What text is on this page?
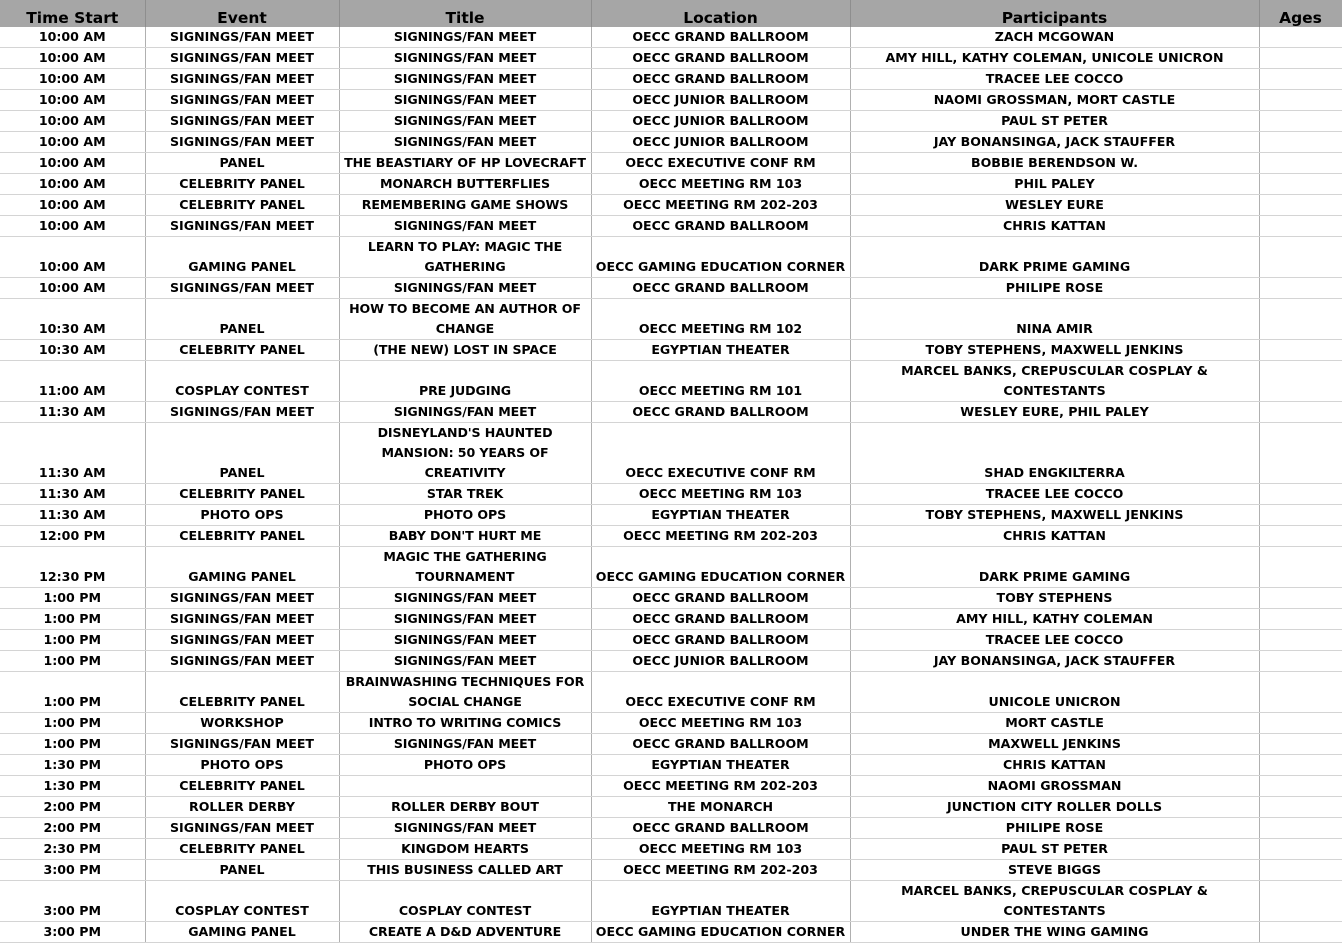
Time Start	Event	Title	Location	Participants	Ages
10:00 AM	SIGNINGS/FAN MEET	SIGNINGS/FAN MEET	OECC GRAND BALLROOM	ZACH MCGOWAN	
10:00 AM	SIGNINGS/FAN MEET	SIGNINGS/FAN MEET	OECC GRAND BALLROOM	AMY HILL, KATHY COLEMAN, UNICOLE UNICRON	
10:00 AM	SIGNINGS/FAN MEET	SIGNINGS/FAN MEET	OECC GRAND BALLROOM	TRACEE LEE COCCO	
10:00 AM	SIGNINGS/FAN MEET	SIGNINGS/FAN MEET	OECC JUNIOR BALLROOM	NAOMI GROSSMAN, MORT CASTLE	
10:00 AM	SIGNINGS/FAN MEET	SIGNINGS/FAN MEET	OECC JUNIOR BALLROOM	PAUL ST PETER	
10:00 AM	SIGNINGS/FAN MEET	SIGNINGS/FAN MEET	OECC JUNIOR BALLROOM	JAY BONANSINGA, JACK STAUFFER	
10:00 AM	PANEL	THE BEASTIARY OF HP LOVECRAFT	OECC EXECUTIVE CONF RM	BOBBIE BERENDSON W.	
10:00 AM	CELEBRITY PANEL	MONARCH BUTTERFLIES	OECC MEETING RM 103	PHIL PALEY	
10:00 AM	CELEBRITY PANEL	REMEMBERING GAME SHOWS	OECC MEETING RM 202-203	WESLEY EURE	
10:00 AM	SIGNINGS/FAN MEET	SIGNINGS/FAN MEET	OECC GRAND BALLROOM	CHRIS KATTAN	
10:00 AM	GAMING PANEL	LEARN TO PLAY: MAGIC THE GATHERING	OECC GAMING EDUCATION CORNER	DARK PRIME GAMING	
10:00 AM	SIGNINGS/FAN MEET	SIGNINGS/FAN MEET	OECC GRAND BALLROOM	PHILIPE ROSE	
10:30 AM	PANEL	HOW TO BECOME AN AUTHOR OF CHANGE	OECC MEETING RM 102	NINA AMIR	
10:30 AM	CELEBRITY PANEL	(THE NEW) LOST IN SPACE	EGYPTIAN THEATER	TOBY STEPHENS, MAXWELL JENKINS	
11:00 AM	COSPLAY CONTEST	PRE JUDGING	OECC MEETING RM 101	MARCEL BANKS, CREPUSCULAR COSPLAY & CONTESTANTS	
11:30 AM	SIGNINGS/FAN MEET	SIGNINGS/FAN MEET	OECC GRAND BALLROOM	WESLEY EURE, PHIL PALEY	
11:30 AM	PANEL	DISNEYLAND'S HAUNTED MANSION: 50 YEARS OF CREATIVITY	OECC EXECUTIVE CONF RM	SHAD ENGKILTERRA	
11:30 AM	CELEBRITY PANEL	STAR TREK	OECC MEETING RM 103	TRACEE LEE COCCO	
11:30 AM	PHOTO OPS	PHOTO OPS	EGYPTIAN THEATER	TOBY STEPHENS, MAXWELL JENKINS	
12:00 PM	CELEBRITY PANEL	BABY DON'T HURT ME	OECC MEETING RM 202-203	CHRIS KATTAN	
12:30 PM	GAMING PANEL	MAGIC THE GATHERING TOURNAMENT	OECC GAMING EDUCATION CORNER	DARK PRIME GAMING	
1:00 PM	SIGNINGS/FAN MEET	SIGNINGS/FAN MEET	OECC GRAND BALLROOM	TOBY STEPHENS	
1:00 PM	SIGNINGS/FAN MEET	SIGNINGS/FAN MEET	OECC GRAND BALLROOM	AMY HILL, KATHY COLEMAN	
1:00 PM	SIGNINGS/FAN MEET	SIGNINGS/FAN MEET	OECC GRAND BALLROOM	TRACEE LEE COCCO	
1:00 PM	SIGNINGS/FAN MEET	SIGNINGS/FAN MEET	OECC JUNIOR BALLROOM	JAY BONANSINGA, JACK STAUFFER	
1:00 PM	CELEBRITY PANEL	BRAINWASHING TECHNIQUES FOR SOCIAL CHANGE	OECC EXECUTIVE CONF RM	UNICOLE UNICRON	
1:00 PM	WORKSHOP	INTRO TO WRITING COMICS	OECC MEETING RM 103	MORT CASTLE	
1:00 PM	SIGNINGS/FAN MEET	SIGNINGS/FAN MEET	OECC GRAND BALLROOM	MAXWELL JENKINS	
1:30 PM	PHOTO OPS	PHOTO OPS	EGYPTIAN THEATER	CHRIS KATTAN	
1:30 PM	CELEBRITY PANEL		OECC MEETING RM 202-203	NAOMI GROSSMAN	
2:00 PM	ROLLER DERBY	ROLLER DERBY BOUT	THE MONARCH	JUNCTION CITY ROLLER DOLLS	
2:00 PM	SIGNINGS/FAN MEET	SIGNINGS/FAN MEET	OECC GRAND BALLROOM	PHILIPE ROSE	
2:30 PM	CELEBRITY PANEL	KINGDOM HEARTS	OECC MEETING RM 103	PAUL ST PETER	
3:00 PM	PANEL	THIS BUSINESS CALLED ART	OECC MEETING RM 202-203	STEVE BIGGS	
3:00 PM	COSPLAY CONTEST	COSPLAY CONTEST	EGYPTIAN THEATER	MARCEL BANKS, CREPUSCULAR COSPLAY & CONTESTANTS	
3:00 PM	GAMING PANEL	CREATE A D&D ADVENTURE	OECC GAMING EDUCATION CORNER	UNDER THE WING GAMING	
